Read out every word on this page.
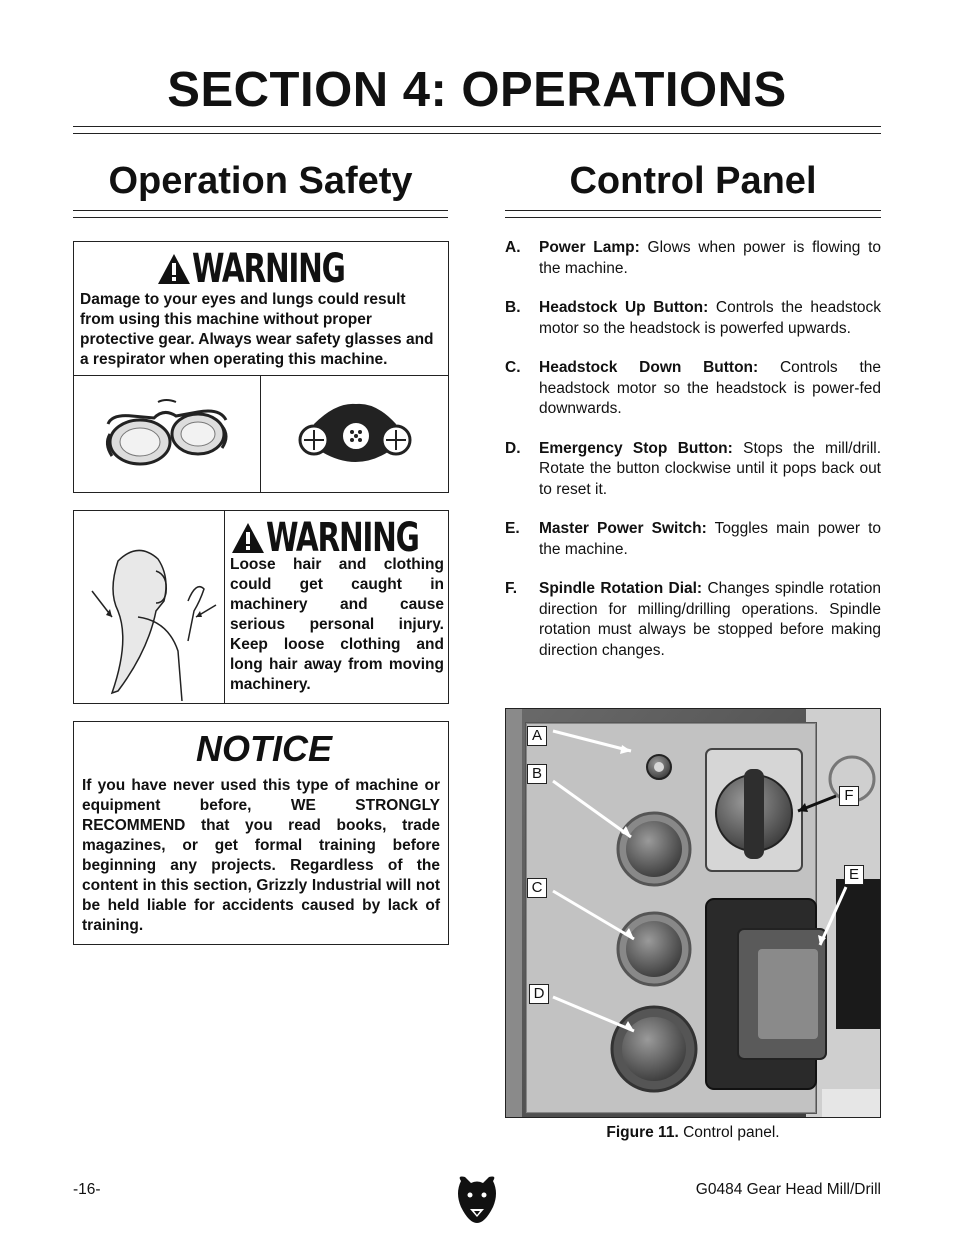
SECTION 4: OPERATIONS
Operation Safety	Control Panel
WARNING
Damage to your eyes and lungs could result from using this machine without proper protective gear. Always wear safety glasses and a respirator when operating this machine.
WARNING
Loose hair and clothing could get caught in machinery and cause serious personal injury. Keep loose clothing and long hair away from moving machinery.
NOTICE
If you have never used this type of machine or equipment before, WE STRONGLY RECOMMEND that you read books, trade magazines, or get formal training before beginning any projects. Regardless of the content in this section, Grizzly Industrial will not be held liable for accidents caused by lack of training.
A.	Power Lamp: Glows when power is flowing to the machine.
B.	Headstock Up Button: Controls the headstock motor so the headstock is powerfed upwards.
C.	Headstock Down Button: Controls the headstock motor so the headstock is power-fed downwards.
D.	Emergency Stop Button: Stops the mill/drill. Rotate the button clockwise until it pops back out to reset it.
E.	Master Power Switch: Toggles main power to the machine.
F.	Spindle Rotation Dial: Changes spindle rotation direction for milling/drilling operations. Spindle rotation must always be stopped before making direction changes.
A
B
C
D
E
F
Figure 11. Control panel.
-16-	G0484 Gear Head Mill/Drill
